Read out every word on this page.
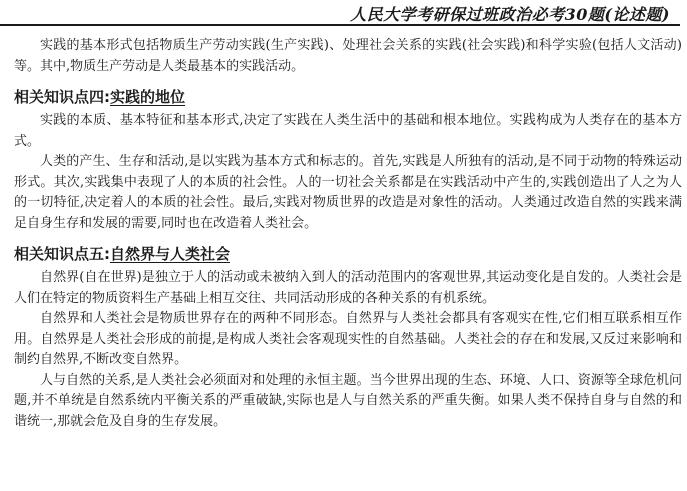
人民大学考研保过班政治必考30题(论述题)

实践的基本形式包括物质生产劳动实践(生产实践)、处理社会关系的实践(社会实践)和科学实验(包括人文活动)等。其中,物质生产劳动是人类最基本的实践活动。

相关知识点四:实践的地位

实践的本质、基本特征和基本形式,决定了实践在人类生活中的基础和根本地位。实践构成为人类存在的基本方式。

人类的产生、生存和活动,是以实践为基本方式和标志的。首先,实践是人所独有的活动,是不同于动物的特殊运动形式。其次,实践集中表现了人的本质的社会性。人的一切社会关系都是在实践活动中产生的,实践创造出了人之为人的一切特征,决定着人的本质的社会性。最后,实践对物质世界的改造是对象性的活动。人类通过改造自然的实践来满足自身生存和发展的需要,同时也在改造着人类社会。

相关知识点五:自然界与人类社会

自然界(自在世界)是独立于人的活动或未被纳入到人的活动范围内的客观世界,其运动变化是自发的。人类社会是人们在特定的物质资料生产基础上相互交往、共同活动形成的各种关系的有机系统。

自然界和人类社会是物质世界存在的两种不同形态。自然界与人类社会都具有客观实在性,它们相互联系相互作用。自然界是人类社会形成的前提,是构成人类社会客观现实性的自然基础。人类社会的存在和发展,又反过来影响和制约自然界,不断改变自然界。

人与自然的关系,是人类社会必须面对和处理的永恒主题。当今世界出现的生态、环境、人口、资源等全球危机问题,并不单统是自然系统内平衡关系的严重破缺,实际也是人与自然关系的严重失衡。如果人类不保持自身与自然的和谐统一,那就会危及自身的生存发展。
